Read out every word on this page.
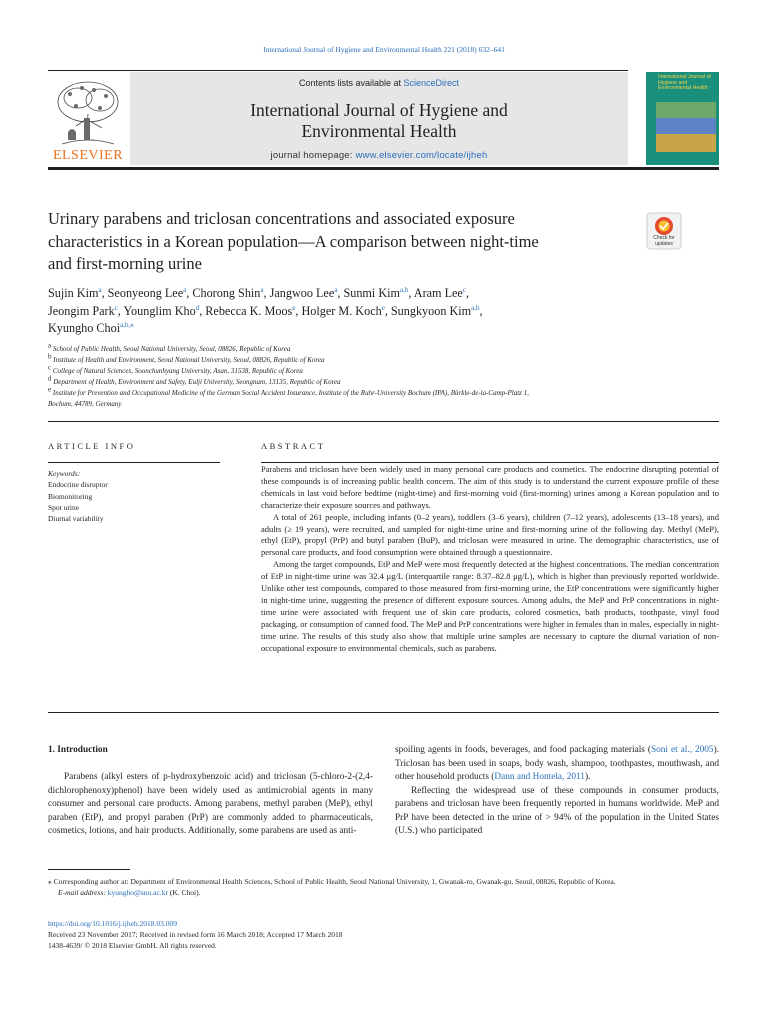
International Journal of Hygiene and Environmental Health 221 (2018) 632–641
ELSEVIER
Contents lists available at ScienceDirect
International Journal of Hygiene and
Environmental Health
journal homepage: www.elsevier.com/locate/ijheh
International Journal of Hygiene and Environmental Health
Urinary parabens and triclosan concentrations and associated exposure
characteristics in a Korean population—A comparison between night-time
and first-morning urine
Check for updates
Sujin Kim$^a$, Seonyeong Lee$^a$, Chorong Shin$^a$, Jangwoo Lee$^a$, Sunmi Kim$^{a,b}$, Aram Lee$^c$,
Jeongim Park$^c$, Younglim Kho$^d$, Rebecca K. Moos$^e$, Holger M. Koch$^e$, Sungkyoon Kim$^{a,b}$,
Kyungho Choi$^{a,b,⁎}$
$^a$ School of Public Health, Seoul National University, Seoul, 08826, Republic of Korea
$^b$ Institute of Health and Environment, Seoul National University, Seoul, 08826, Republic of Korea
$^c$ College of Natural Sciences, Soonchunhyang University, Asan, 31538, Republic of Korea
$^d$ Department of Health, Environment and Safety, Eulji University, Seongnam, 13135, Republic of Korea
$^e$ Institute for Prevention and Occupational Medicine of the German Social Accident Insurance, Institute of the Ruhr-University Bochum (IPA), Bürkle-de-la-Camp-Platz 1,
Bochum, 44789, Germany
ARTICLE INFO	ABSTRACT
Keywords:
Endocrine disruptor
Biomonitoring
Spot urine
Diurnal variability

Parabens and triclosan have been widely used in many personal care products and cosmetics. The endocrine disrupting potential of these compounds is of increasing public health concern. The aim of this study is to understand the current exposure profile of these chemicals in last void before bedtime (night-time) and first-morning void (first-morning) urines among a Korean population and to characterize their exposure sources and pathways.

A total of 261 people, including infants (0–2 years), toddlers (3–6 years), children (7–12 years), adolescents (13–18 years), and adults (≥ 19 years), were recruited, and sampled for night-time urine and first-morning urine of the following day. Methyl (MeP), ethyl (EtP), propyl (PrP) and butyl paraben (BuP), and triclosan were measured in urine. The demographic characteristics, use of personal care products, and food consumption were obtained through a questionnaire.

Among the target compounds, EtP and MeP were most frequently detected at the highest concentrations. The median concentration of EtP in night-time urine was 32.4 μg/L (interquartile range: 8.37–82.8 μg/L), which is higher than previously reported worldwide. Unlike other test compounds, compared to those measured from first-morning urine, the EtP concentrations were significantly higher in night-time urine, suggesting the presence of different exposure sources. Among adults, the MeP and PrP concentrations in night-time urine were associated with frequent use of skin care products, colored cosmetics, bath products, toothpaste, vinyl food packaging, or consumption of canned food. The MeP and PrP concentrations were higher in females than in males, especially in night-time urine. The results of this study also show that multiple urine samples are necessary to capture the diurnal variation of non-occupational exposure to environmental chemicals, such as parabens.

1. Introduction

Parabens (alkyl esters of p-hydroxybenzoic acid) and triclosan (5-chloro-2-(2,4-dichlorophenoxy)phenol) have been widely used as antimicrobial agents in many consumer and personal care products. Among parabens, methyl paraben (MeP), ethyl paraben (EtP), and propyl paraben (PrP) are commonly added to pharmaceuticals, cosmetics, lotions, and hair products. Additionally, some parabens are used as anti-

spoiling agents in foods, beverages, and food packaging materials (Soni et al., 2005). Triclosan has been used in soaps, body wash, shampoo, toothpastes, mouthwash, and other household products (Dann and Hontela, 2011).

Reflecting the widespread use of these compounds in consumer products, parabens and triclosan have been frequently reported in humans worldwide. MeP and PrP have been detected in the urine of > 94% of the population in the United States (U.S.) who participated

⁎ Corresponding author at: Department of Environmental Health Sciences, School of Public Health, Seoul National University, 1, Gwanak-ro, Gwanak-gu, Seoul, 08826, Republic of Korea.

E-mail address: kyungho@snu.ac.kr (K. Choi).

https://doi.org/10.1016/j.ijheh.2018.03.009
Received 23 November 2017; Received in revised form 16 March 2018; Accepted 17 March 2018
1438-4639/ © 2018 Elsevier GmbH. All rights reserved.
